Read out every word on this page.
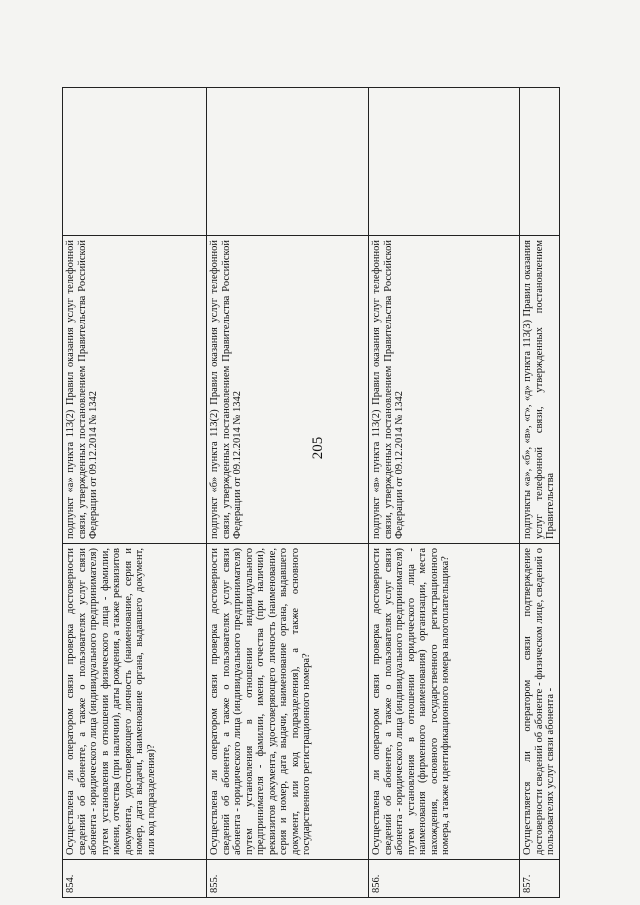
205
854.	Осуществлена ли оператором связи проверка достоверности сведений об абоненте, а также о пользователях услуг связи абонента - юридического лица (индивидуального предпринимателя) путем установления в отношении физического лица - фамилии, имени, отчества (при наличии), даты рождения, а также реквизитов документа, удостоверяющего личность (наименование, серия и номер, дата выдачи, наименование органа, выдавшего документ, или код подразделения)?	подпункт «а» пункта 113(2) Правил оказания услуг телефонной связи, утвержденных постановлением Правительства Российской Федерации от 09.12.2014 № 1342	
855.	Осуществлена ли оператором связи проверка достоверности сведений об абоненте, а также о пользователях услуг связи абонента - юридического лица (индивидуального предпринимателя) путем установления в отношении индивидуального предпринимателя - фамилии, имени, отчества (при наличии), реквизитов документа, удостоверяющего личность (наименование, серия и номер, дата выдачи, наименование органа, выдавшего документ, или код подразделения), а также основного государственного регистрационного номера?	подпункт «б» пункта 113(2) Правил оказания услуг телефонной связи, утвержденных постановлением Правительства Российской Федерации от 09.12.2014 № 1342	
856.	Осуществлена ли оператором связи проверка достоверности сведений об абоненте, а также о пользователях услуг связи абонента - юридического лица (индивидуального предпринимателя) путем установления в отношении юридического лица - наименования (фирменного наименования) организации, места нахождения, основного государственного регистрационного номера, а также идентификационного номера налогоплательщика?	подпункт «в» пункта 113(2) Правил оказания услуг телефонной связи, утвержденных постановлением Правительства Российской Федерации от 09.12.2014 № 1342	
857.	Осуществляется ли оператором связи подтверждение достоверности сведений об абоненте - физическом лице, сведений о пользователях услуг связи абонента -	подпункты «а», «б», «в», «г», «д» пункта 113(3) Правил оказания услуг телефонной связи, утвержденных постановлением Правительства	
